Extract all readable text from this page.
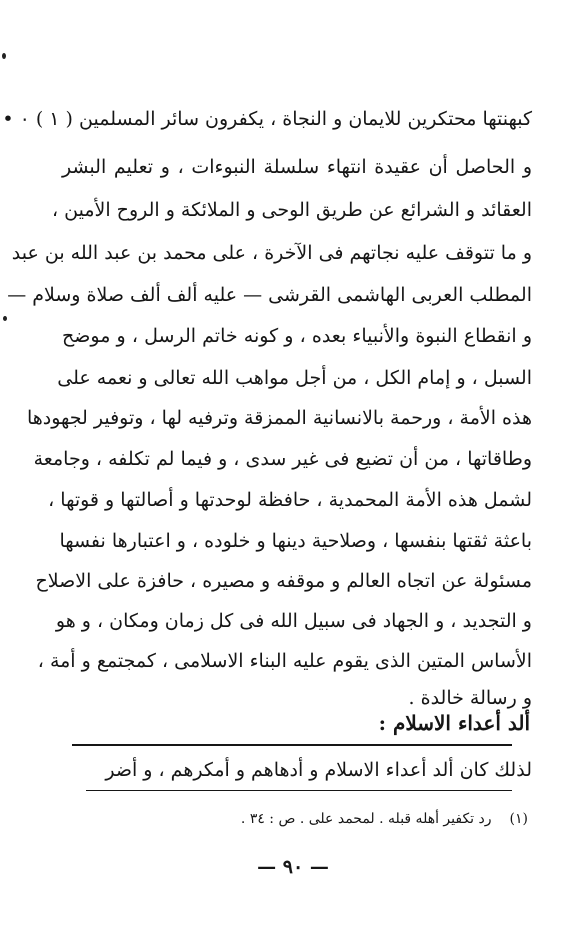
كبهنتها محتكرين للايمان و النجاة ، يكفرون سائر المسلمين ( ١ ) ٠ •
و الحاصل أن عقيدة انتهاء سلسلة النبوءات ، و تعليم البشر
العقائد و الشرائع عن طريق الوحى و الملائكة و الروح الأمين ،
و ما تتوقف عليه نجاتهم فى الآخرة ، على محمد بن عبد الله بن عبد
المطلب العربى الهاشمى القرشى — عليه ألف ألف صلاة وسلام —
و انقطاع النبوة والأنبياء بعده ، و كونه خاتم الرسل ، و موضح
السبل ، و إمام الكل ، من أجل مواهب الله تعالى و نعمه على
هذه الأمة ، ورحمة بالانسانية الممزقة وترفيه لها ، وتوفير لجهودها
وطاقاتها ، من أن تضيع فى غير سدى ، و فيما لم تكلفه ، وجامعة
لشمل هذه الأمة المحمدية ، حافظة لوحدتها و أصالتها و قوتها ،
باعثة ثقتها بنفسها ، وصلاحية دينها و خلوده ، و اعتبارها نفسها
مسئولة عن اتجاه العالم و موقفه و مصيره ، حافزة على الاصلاح
و التجديد ، و الجهاد فى سبيل الله فى كل زمان ومكان ، و هو
الأساس المتين الذى يقوم عليه البناء الاسلامى ، كمجتمع و أمة ،
و رسالة خالدة .
ألد أعداء الاسلام :
لذلك كان ألد أعداء الاسلام و أدهاهم و أمكرهم ، و أضر
(١)رد تكفير أهله قبله . لمحمد على . ص : ٣٤ .
— ٩٠ —
